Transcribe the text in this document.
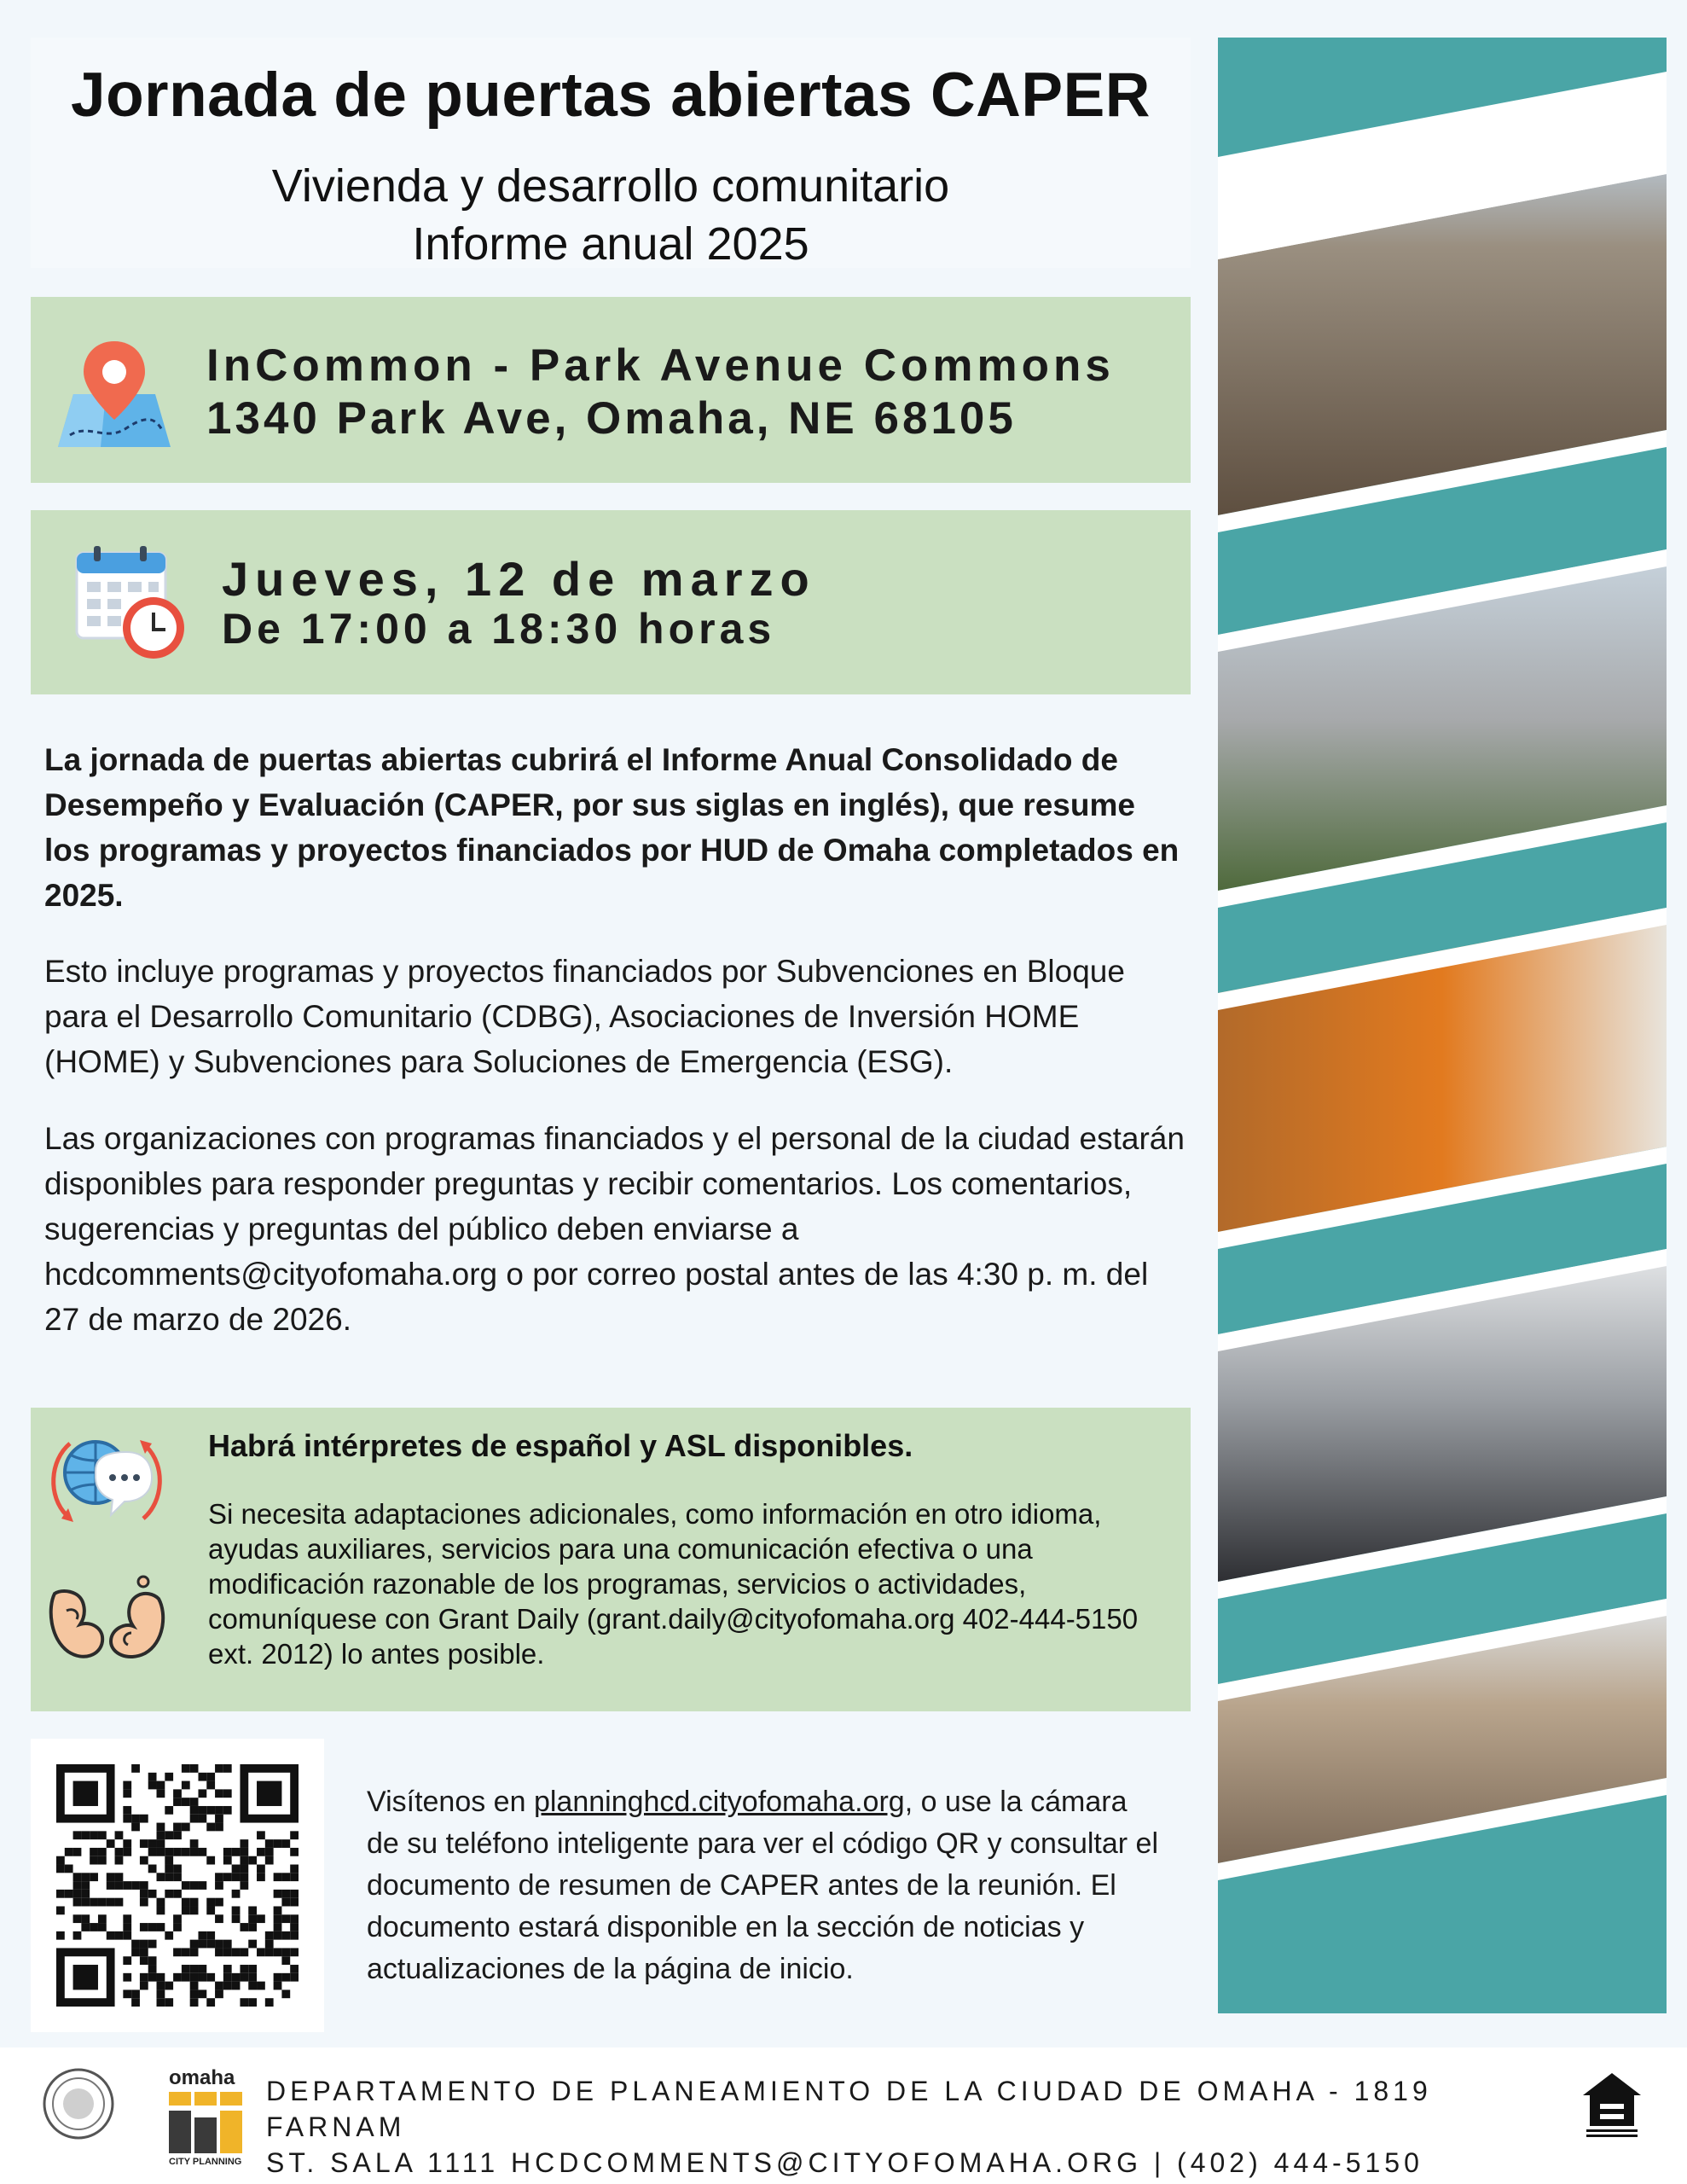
Jornada de puertas abiertas CAPER
Vivienda y desarrollo comunitario
Informe anual 2025
InCommon - Park Avenue Commons
1340 Park Ave, Omaha, NE 68105
Jueves, 12 de marzo
De 17:00 a 18:30 horas
La jornada de puertas abiertas cubrirá el Informe Anual Consolidado de Desempeño y Evaluación (CAPER, por sus siglas en inglés), que resume los programas y proyectos financiados por HUD de Omaha completados en 2025.
Esto incluye programas y proyectos financiados por Subvenciones en Bloque para el Desarrollo Comunitario (CDBG), Asociaciones de Inversión HOME (HOME) y Subvenciones para Soluciones de Emergencia (ESG).
Las organizaciones con programas financiados y el personal de la ciudad estarán disponibles para responder preguntas y recibir comentarios. Los comentarios, sugerencias y preguntas del público deben enviarse a hcdcomments@cityofomaha.org o por correo postal antes de las 4:30 p. m. del 27 de marzo de 2026.
Habrá intérpretes de español y ASL disponibles.
Si necesita adaptaciones adicionales, como información en otro idioma, ayudas auxiliares, servicios para una comunicación efectiva o una modificación razonable de los programas, servicios o actividades, comuníquese con Grant Daily (grant.daily@cityofomaha.org 402-444-5150 ext. 2012) lo antes posible.
Visítenos en planninghcd.cityofomaha.org, o use la cámara de su teléfono inteligente para ver el código QR y consultar el documento de resumen de CAPER antes de la reunión. El documento estará disponible en la sección de noticias y actualizaciones de la página de inicio.
omaha
CITY PLANNING
DEPARTAMENTO DE PLANEAMIENTO DE LA CIUDAD DE OMAHA - 1819 FARNAM
ST. SALA 1111 HCDCOMMENTS@CITYOFOMAHA.ORG | (402) 444-5150
